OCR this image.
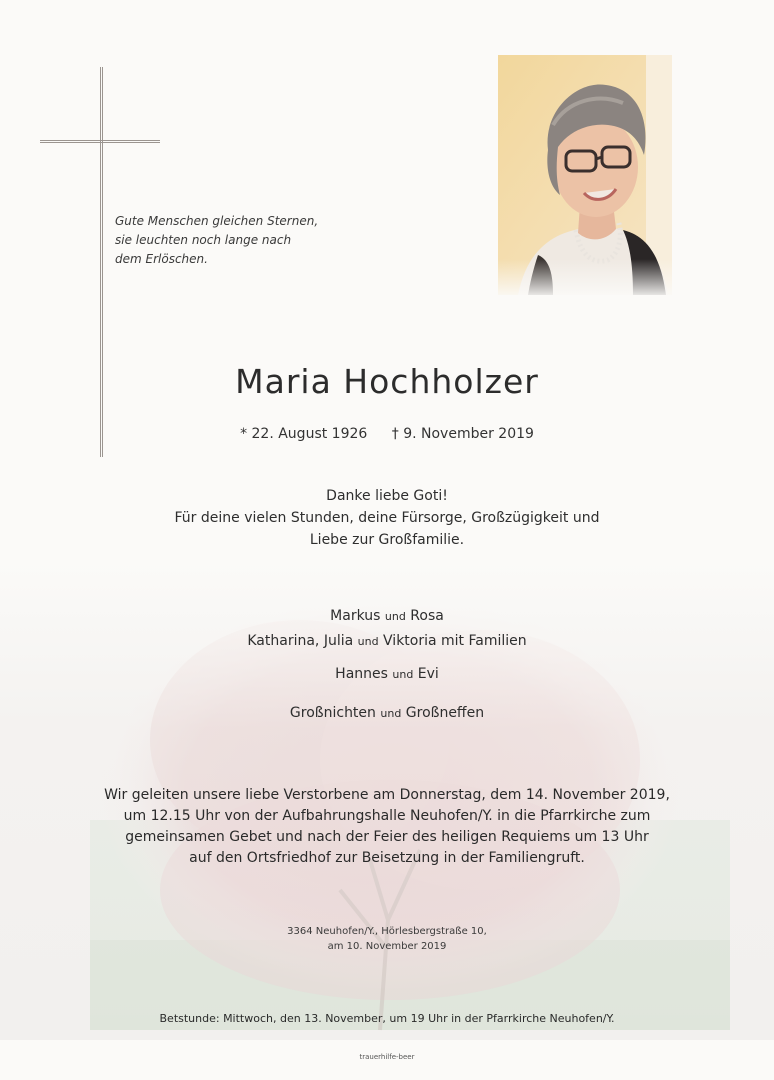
Gute Menschen gleichen Sternen,
sie leuchten noch lange nach
dem Erlöschen.
Maria Hochholzer
* 22. August 1926 † 9. November 2019
Danke liebe Goti!
Für deine vielen Stunden, deine Fürsorge, Großzügigkeit und
Liebe zur Großfamilie.
Markus und Rosa
Katharina, Julia und Viktoria mit Familien
Hannes und Evi
Großnichten und Großneffen
Wir geleiten unsere liebe Verstorbene am Donnerstag, dem 14. November 2019,
um 12.15 Uhr von der Aufbahrungshalle Neuhofen/Y. in die Pfarrkirche zum
gemeinsamen Gebet und nach der Feier des heiligen Requiems um 13 Uhr
auf den Ortsfriedhof zur Beisetzung in der Familiengruft.
3364 Neuhofen/Y., Hörlesbergstraße 10,
am 10. November 2019
Betstunde: Mittwoch, den 13. November, um 19 Uhr in der Pfarrkirche Neuhofen/Y.
trauerhilfe-beer
